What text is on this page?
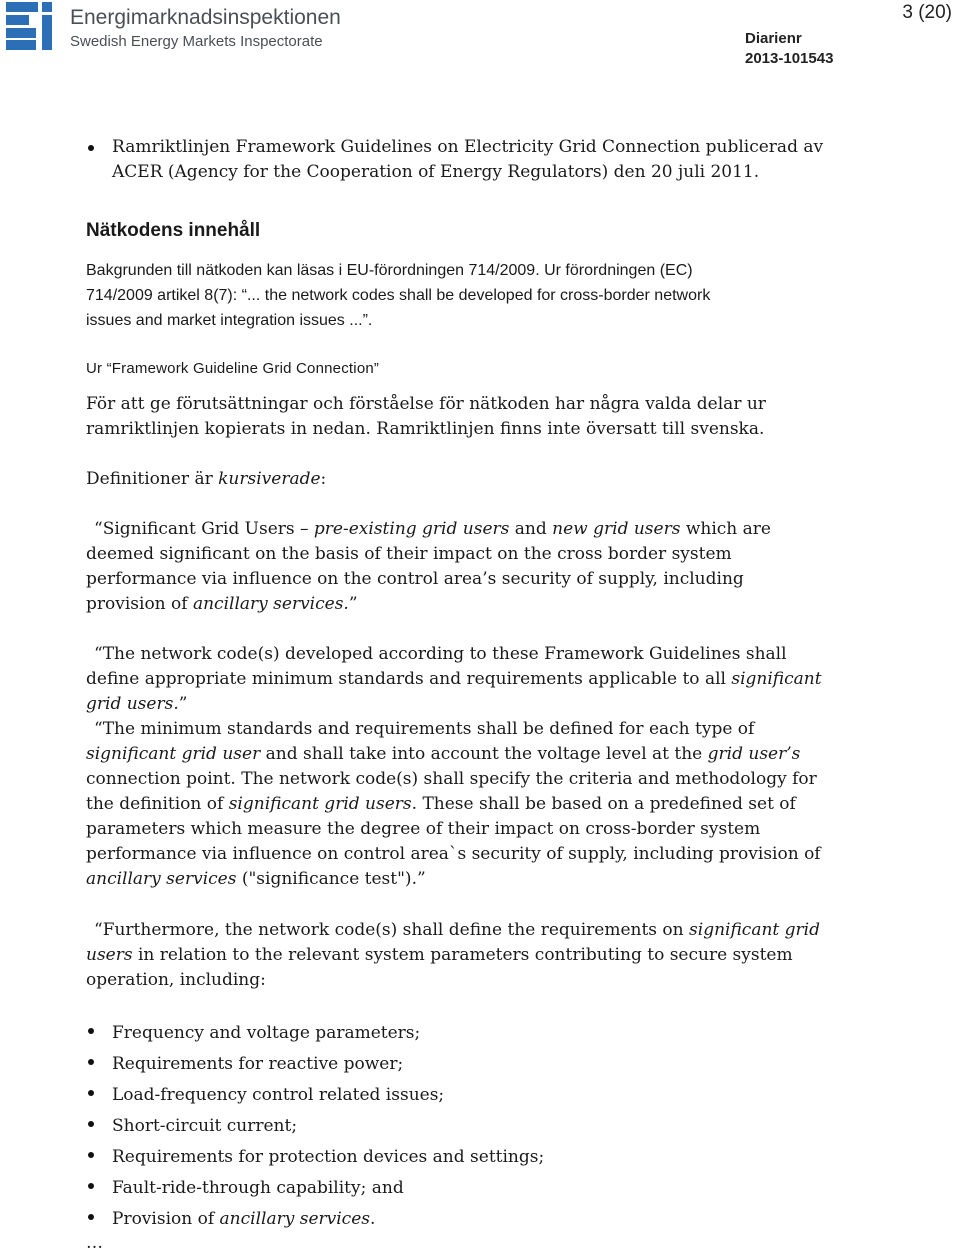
Energimarknadsinspektionen
Swedish Energy Markets Inspectorate	Diarienr
2013-101543
3 (20)
Ramriktlinjen Framework Guidelines on Electricity Grid Connection publicerad av ACER (Agency for the Cooperation of Energy Regulators) den 20 juli 2011.
Nätkodens innehåll
Bakgrunden till nätkoden kan läsas i EU-förordningen 714/2009. Ur förordningen (EC)
714/2009 artikel 8(7): “... the network codes shall be developed for cross-border network
issues and market integration issues ...”.
Ur “Framework Guideline Grid Connection”
För att ge förutsättningar och förståelse för nätkoden har några valda delar ur ramriktlinjen kopierats in nedan. Ramriktlinjen finns inte översatt till svenska.
Definitioner är kursiverade:
“Significant Grid Users – pre-existing grid users and new grid users which are deemed significant on the basis of their impact on the cross border system performance via influence on the control area’s security of supply, including provision of ancillary services.”
“The network code(s) developed according to these Framework Guidelines shall define appropriate minimum standards and requirements applicable to all significant grid users.”
“The minimum standards and requirements shall be defined for each type of significant grid user and shall take into account the voltage level at the grid user’s connection point. The network code(s) shall specify the criteria and methodology for the definition of significant grid users. These shall be based on a predefined set of parameters which measure the degree of their impact on cross-border system performance via influence on control area`s security of supply, including provision of ancillary services ("significance test").”
“Furthermore, the network code(s) shall define the requirements on significant grid users in relation to the relevant system parameters contributing to secure system operation, including:
Frequency and voltage parameters;
Requirements for reactive power;
Load-frequency control related issues;
Short-circuit current;
Requirements for protection devices and settings;
Fault-ride-through capability; and
Provision of ancillary services.
…
